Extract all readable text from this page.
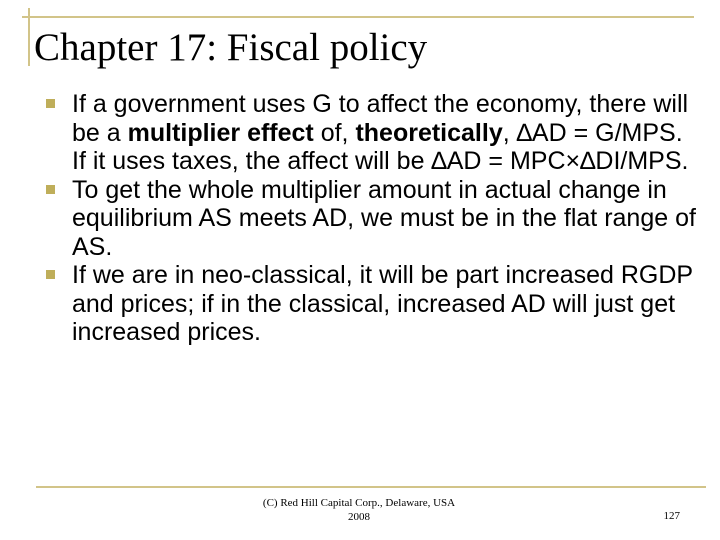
Chapter 17: Fiscal policy
If a government uses G to affect the economy, there will be a multiplier effect of, theoretically, ∆AD = G/MPS. If it uses taxes, the affect will be ∆AD = MPC×∆DI/MPS.
To get the whole multiplier amount in actual change in equilibrium AS meets AD, we must be in the flat range of AS.
If we are in neo-classical, it will be part increased RGDP and prices; if in the classical, increased AD will just get increased prices.
(C) Red Hill Capital Corp., Delaware, USA
2008	127
